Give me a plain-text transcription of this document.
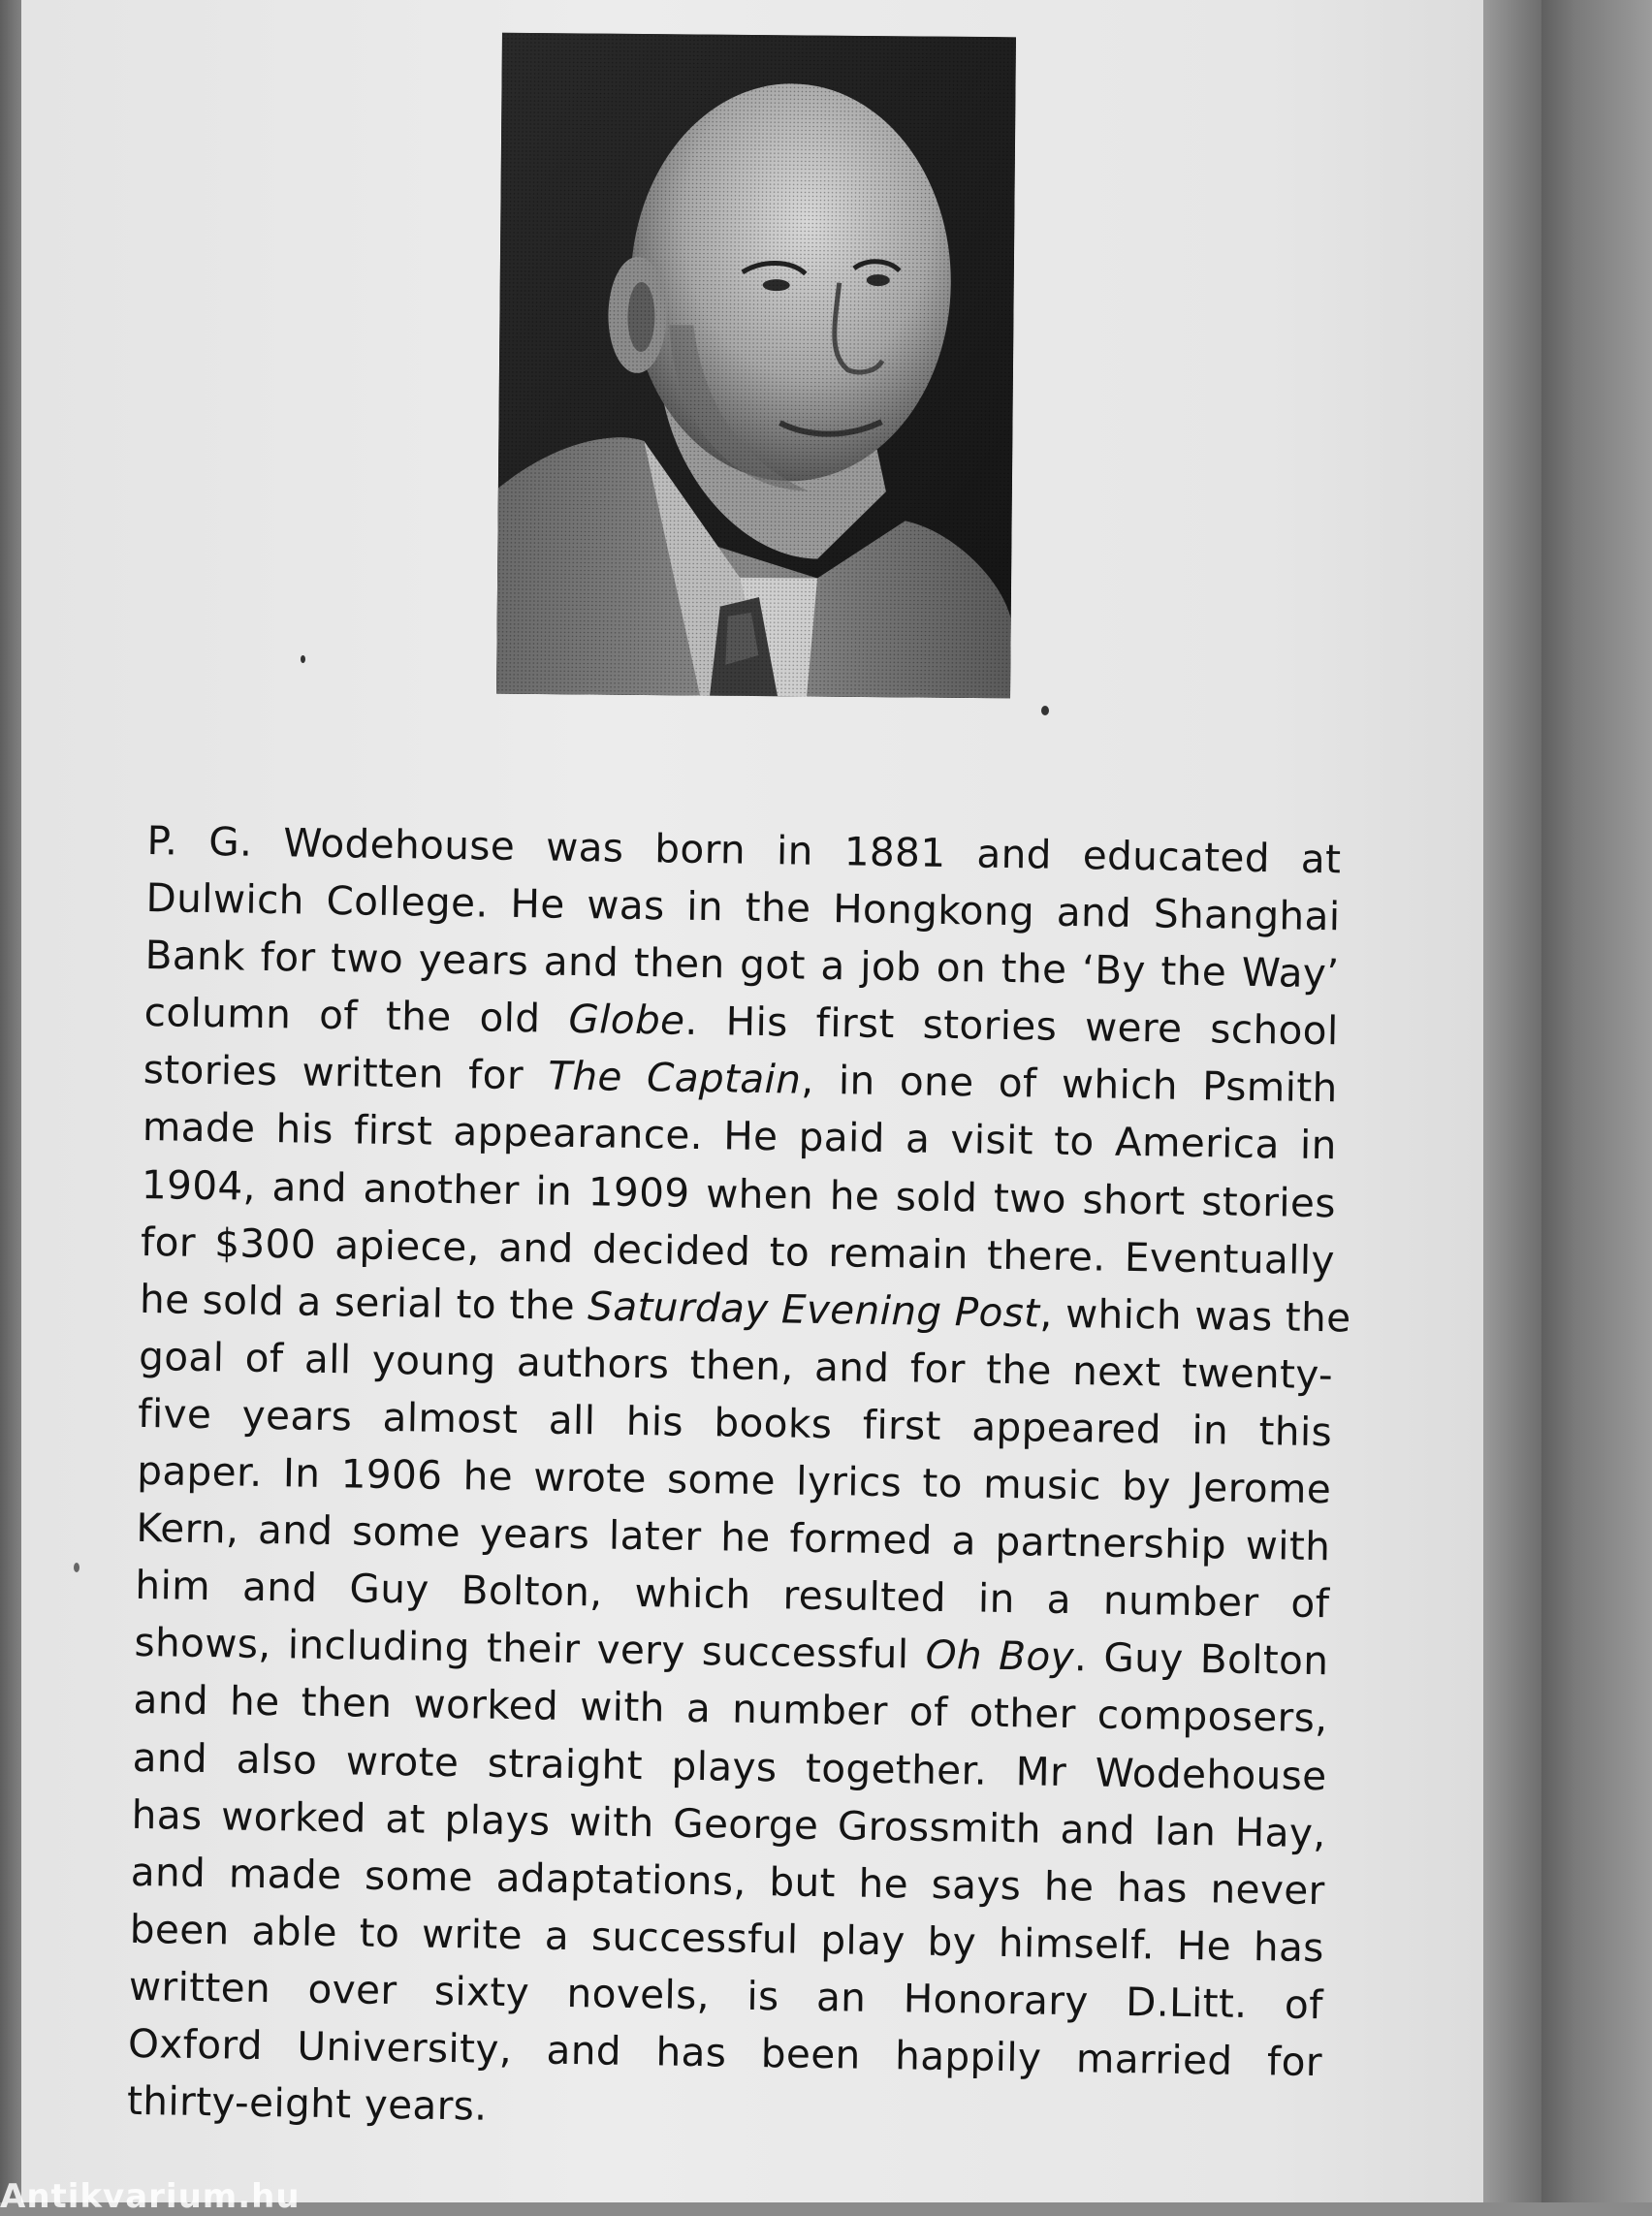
P. G. Wodehouse was born in 1881 and educated at
Dulwich College. He was in the Hongkong and Shanghai
Bank for two years and then got a job on the ‘By the Way’
column of the old Globe. His first stories were school
stories written for The Captain, in one of which Psmith
made his first appearance. He paid a visit to America in
1904, and another in 1909 when he sold two short stories
for $300 apiece, and decided to remain there. Eventually
he sold a serial to the Saturday Evening Post, which was the
goal of all young authors then, and for the next twenty-
five years almost all his books first appeared in this
paper. In 1906 he wrote some lyrics to music by Jerome
Kern, and some years later he formed a partnership with
him and Guy Bolton, which resulted in a number of
shows, including their very successful Oh Boy. Guy Bolton
and he then worked with a number of other composers,
and also wrote straight plays together. Mr Wodehouse
has worked at plays with George Grossmith and Ian Hay,
and made some adaptations, but he says he has never
been able to write a successful play by himself. He has
written over sixty novels, is an Honorary D.Litt. of
Oxford University, and has been happily married for
thirty-eight years.
Antikvarium.hu
